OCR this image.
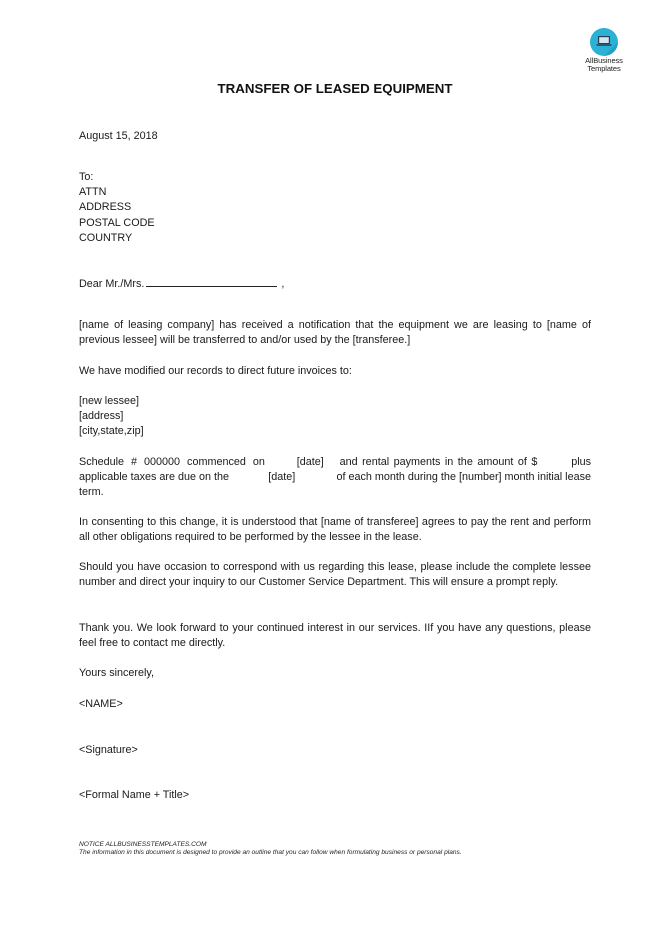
AllBusiness
Templates
TRANSFER OF LEASED EQUIPMENT
August 15, 2018
To:
ATTN
ADDRESS
POSTAL CODE
COUNTRY
Dear Mr./Mrs.	,
[name of leasing company] has received a notification that the equipment we are leasing to [name of previous lessee] will be transferred to and/or used by the [transferee.]
We have modified our records to direct future invoices to:
[new lessee]
[address]
[city,state,zip]
Schedule # 000000 commenced on	[date] and rental payments in the amount of $	plus
applicable taxes are due on the	[date]	of each month during the [number] month initial lease
term.
In consenting to this change, it is understood that [name of transferee] agrees to pay the rent and perform all other obligations required to be performed by the lessee in the lease.
Should you have occasion to correspond with us regarding this lease, please include the complete lessee number and direct your inquiry to our Customer Service Department. This will ensure a prompt reply.
Thank you. We look forward to your continued interest in our services. IIf you have any questions, please feel free to contact me directly.
Yours sincerely,
<NAME>
<Signature>
<Formal Name + Title>
NOTICE ALLBUSINESSTEMPLATES.COM
The information in this document is designed to provide an outline that you can follow when formulating business or personal plans.
